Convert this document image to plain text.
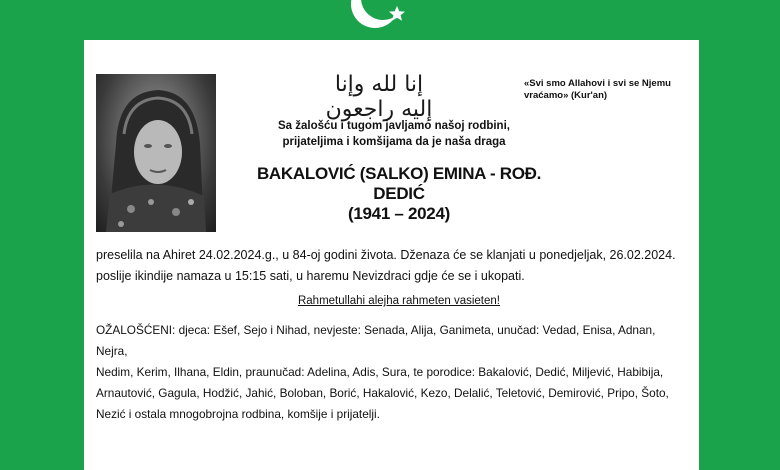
إنا لله وإنا إليه راجعون
«Svi smo Allahovi i svi se Njemu vraćamo» (Kur'an)
Sa žalošću i tugom javljamo našoj rodbini,
prijateljima i komšijama da je naša draga
BAKALOVIĆ (SALKO) EMINA - ROĐ. DEDIĆ
(1941 – 2024)
preselila na Ahiret 24.02.2024.g., u 84-oj godini života. Dženaza će se klanjati u ponedjeljak, 26.02.2024.
poslije ikindije namaza u 15:15 sati, u haremu Nevizdraci gdje će se i ukopati.
Rahmetullahi alejha rahmeten vasieten!
OŽALOŠĆENI: djeca: Ešef, Sejo i Nihad, nevjeste: Senada, Alija, Ganimeta, unučad: Vedad, Enisa, Adnan, Nejra,
Nedim, Kerim, Ilhana, Eldin, praunučad: Adelina, Adis, Sura, te porodice: Bakalović, Dedić, Miljević, Habibija,
Arnautović, Gagula, Hodžić, Jahić, Boloban, Borić, Hakalović, Kezo, Delalić, Teletović, Demirović, Pripo, Šoto,
Nezić i ostala mnogobrojna rodbina, komšije i prijatelji.
